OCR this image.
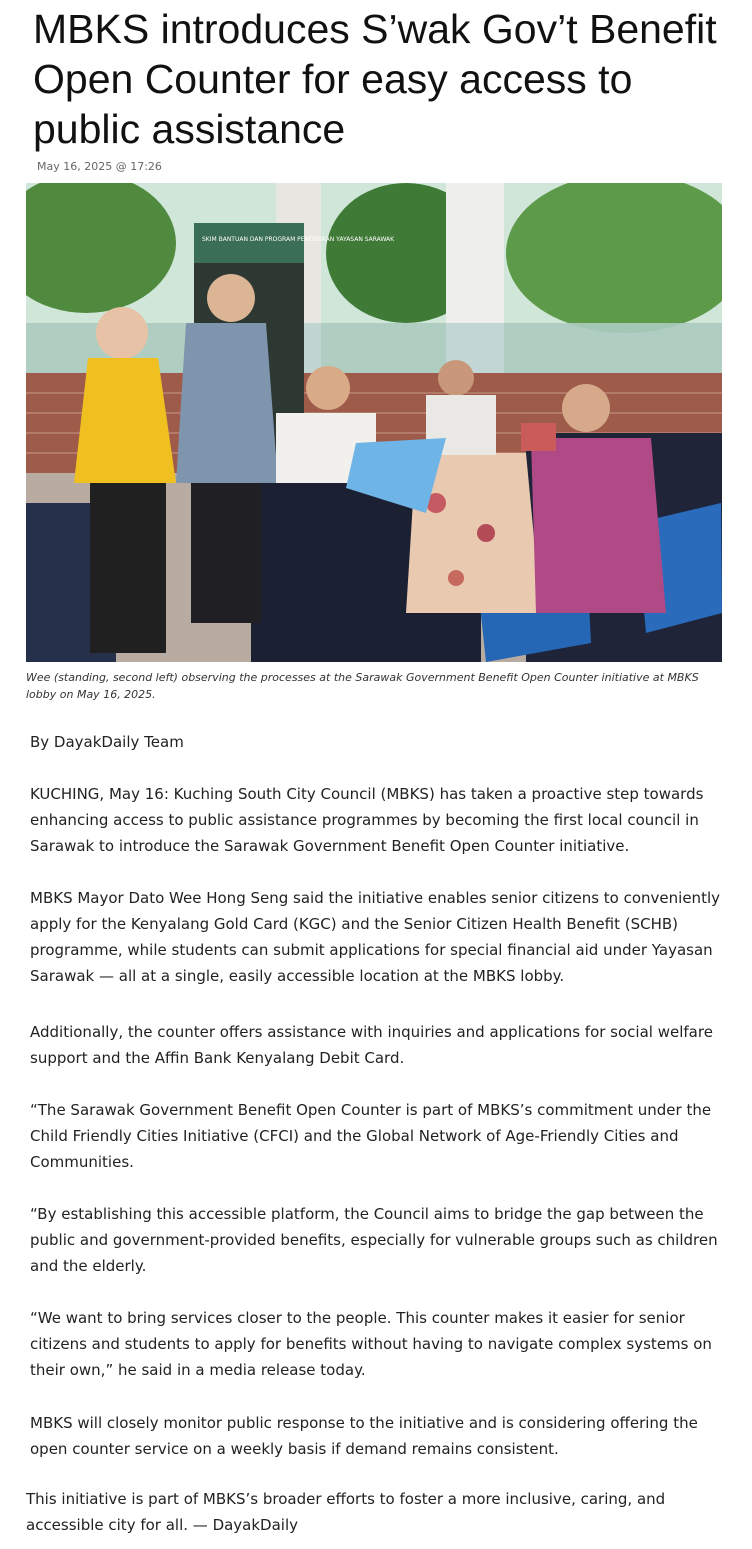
MBKS introduces S’wak Gov’t Benefit Open Counter for easy access to public assistance
May 16, 2025 @ 17:26
SKIM BANTUAN DAN PROGRAM PENDIDIKAN YAYASAN SARAWAK

Wee (standing, second left) observing the processes at the Sarawak Government Benefit Open Counter initiative at MBKS lobby on May 16, 2025.

By DayakDaily Team

KUCHING, May 16: Kuching South City Council (MBKS) has taken a proactive step towards enhancing access to public assistance programmes by becoming the first local council in Sarawak to introduce the Sarawak Government Benefit Open Counter initiative.

MBKS Mayor Dato Wee Hong Seng said the initiative enables senior citizens to conveniently apply for the Kenyalang Gold Card (KGC) and the Senior Citizen Health Benefit (SCHB) programme, while students can submit applications for special financial aid under Yayasan Sarawak — all at a single, easily accessible location at the MBKS lobby.

Additionally, the counter offers assistance with inquiries and applications for social welfare support and the Affin Bank Kenyalang Debit Card.

“The Sarawak Government Benefit Open Counter is part of MBKS’s commitment under the Child Friendly Cities Initiative (CFCI) and the Global Network of Age-Friendly Cities and Communities.

“By establishing this accessible platform, the Council aims to bridge the gap between the public and government-provided benefits, especially for vulnerable groups such as children and the elderly.

“We want to bring services closer to the people. This counter makes it easier for senior citizens and students to apply for benefits without having to navigate complex systems on their own,” he said in a media release today.

MBKS will closely monitor public response to the initiative and is considering offering the open counter service on a weekly basis if demand remains consistent.

This initiative is part of MBKS’s broader efforts to foster a more inclusive, caring, and accessible city for all. — DayakDaily
